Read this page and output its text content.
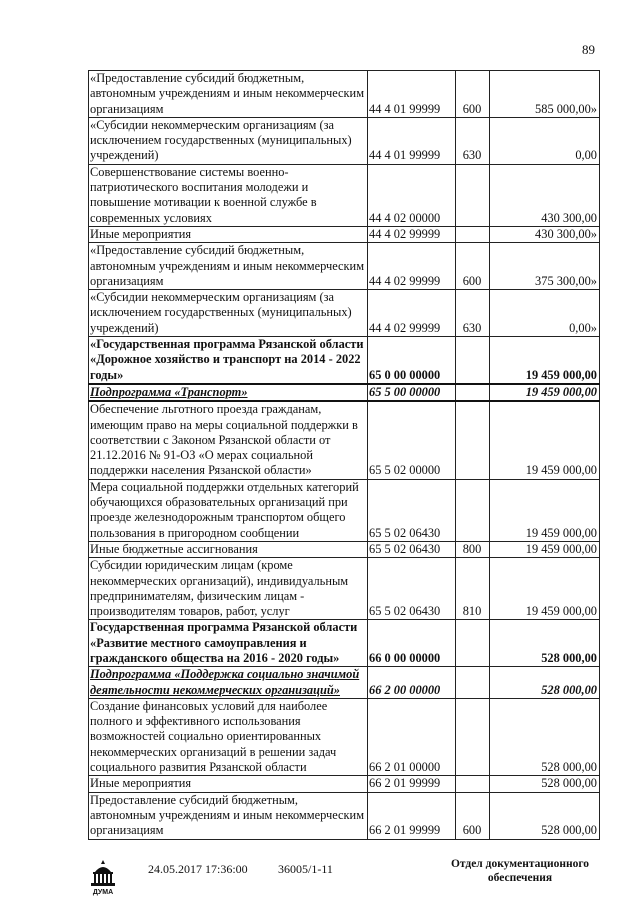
89
«Предоставление субсидий бюджетным, автономным учреждениям и иным некоммерческим организациям	44 4 01 99999	600	585 000,00»
«Субсидии некоммерческим организациям (за исключением государственных (муниципальных) учреждений)	44 4 01 99999	630	0,00
Совершенствование системы военно-патриотического воспитания молодежи и повышение мотивации к военной службе в современных условиях	44 4 02 00000		430 300,00
Иные мероприятия	44 4 02 99999		430 300,00»
«Предоставление субсидий бюджетным, автономным учреждениям и иным некоммерческим организациям	44 4 02 99999	600	375 300,00»
«Субсидии некоммерческим организациям (за исключением государственных (муниципальных) учреждений)	44 4 02 99999	630	0,00»
«Государственная программа Рязанской области «Дорожное хозяйство и транспорт на 2014 - 2022 годы»	65 0 00 00000		19 459 000,00
Подпрограмма «Транспорт»	65 5 00 00000		19 459 000,00
Обеспечение льготного проезда гражданам, имеющим право на меры социальной поддержки в соответствии с Законом Рязанской области от 21.12.2016 № 91-ОЗ «О мерах социальной поддержки населения Рязанской области»	65 5 02 00000		19 459 000,00
Мера социальной поддержки отдельных категорий обучающихся образовательных организаций при проезде железнодорожным транспортом общего пользования в пригородном сообщении	65 5 02 06430		19 459 000,00
Иные бюджетные ассигнования	65 5 02 06430	800	19 459 000,00
Субсидии юридическим лицам (кроме некоммерческих организаций), индивидуальным предпринимателям, физическим лицам - производителям товаров, работ, услуг	65 5 02 06430	810	19 459 000,00
Государственная программа Рязанской области «Развитие местного самоуправления и гражданского общества на 2016 - 2020 годы»	66 0 00 00000		528 000,00
Подпрограмма «Поддержка социально значимой деятельности некоммерческих организаций»	66 2 00 00000		528 000,00
Создание финансовых условий для наиболее полного и эффективного использования возможностей социально ориентированных некоммерческих организаций в решении задач социального развития Рязанской области	66 2 01 00000		528 000,00
Иные мероприятия	66 2 01 99999		528 000,00
Предоставление субсидий бюджетным, автономным учреждениям и иным некоммерческим организациям	66 2 01 99999	600	528 000,00
ДУМА
24.05.2017 17:36:00	36005/1-11	Отдел документационного обеспечения
